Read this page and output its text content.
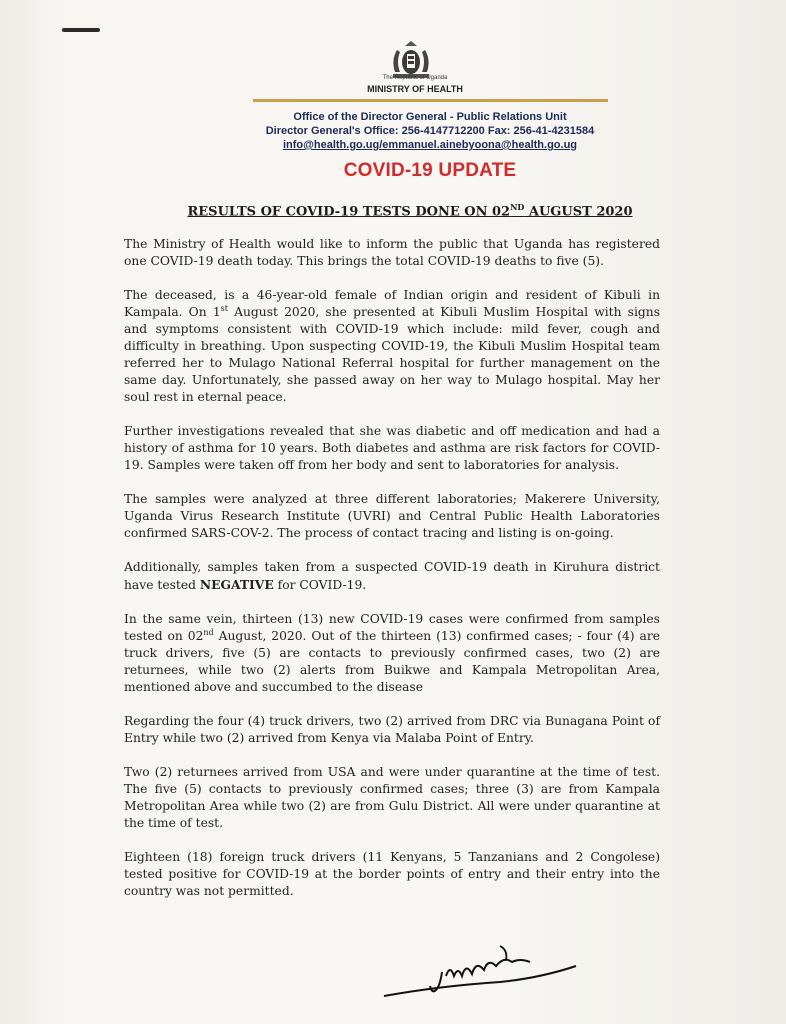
The Republic of Uganda
MINISTRY OF HEALTH
Office of the Director General - Public Relations Unit
Director General's Office: 256-4147712200 Fax: 256-41-4231584
info@health.go.ug/emmanuel.ainebyoona@health.go.ug
COVID-19 UPDATE
RESULTS OF COVID-19 TESTS DONE ON 02ND AUGUST 2020

The Ministry of Health would like to inform the public that Uganda has registered one COVID-19 death today. This brings the total COVID-19 deaths to five (5).

The deceased, is a 46-year-old female of Indian origin and resident of Kibuli in Kampala. On 1st August 2020, she presented at Kibuli Muslim Hospital with signs and symptoms consistent with COVID-19 which include: mild fever, cough and difficulty in breathing. Upon suspecting COVID-19, the Kibuli Muslim Hospital team referred her to Mulago National Referral hospital for further management on the same day. Unfortunately, she passed away on her way to Mulago hospital. May her soul rest in eternal peace.

Further investigations revealed that she was diabetic and off medication and had a history of asthma for 10 years. Both diabetes and asthma are risk factors for COVID-19. Samples were taken off from her body and sent to laboratories for analysis.

The samples were analyzed at three different laboratories; Makerere University, Uganda Virus Research Institute (UVRI) and Central Public Health Laboratories confirmed SARS-COV-2. The process of contact tracing and listing is on-going.

Additionally, samples taken from a suspected COVID-19 death in Kiruhura district have tested NEGATIVE for COVID-19.

In the same vein, thirteen (13) new COVID-19 cases were confirmed from samples tested on 02nd August, 2020. Out of the thirteen (13) confirmed cases; - four (4) are truck drivers, five (5) are contacts to previously confirmed cases, two (2) are returnees, while two (2) alerts from Buikwe and Kampala Metropolitan Area, mentioned above and succumbed to the disease

Regarding the four (4) truck drivers, two (2) arrived from DRC via Bunagana Point of Entry while two (2) arrived from Kenya via Malaba Point of Entry.

Two (2) returnees arrived from USA and were under quarantine at the time of test. The five (5) contacts to previously confirmed cases; three (3) are from Kampala Metropolitan Area while two (2) are from Gulu District. All were under quarantine at the time of test.

Eighteen (18) foreign truck drivers (11 Kenyans, 5 Tanzanians and 2 Congolese) tested positive for COVID-19 at the border points of entry and their entry into the country was not permitted.
